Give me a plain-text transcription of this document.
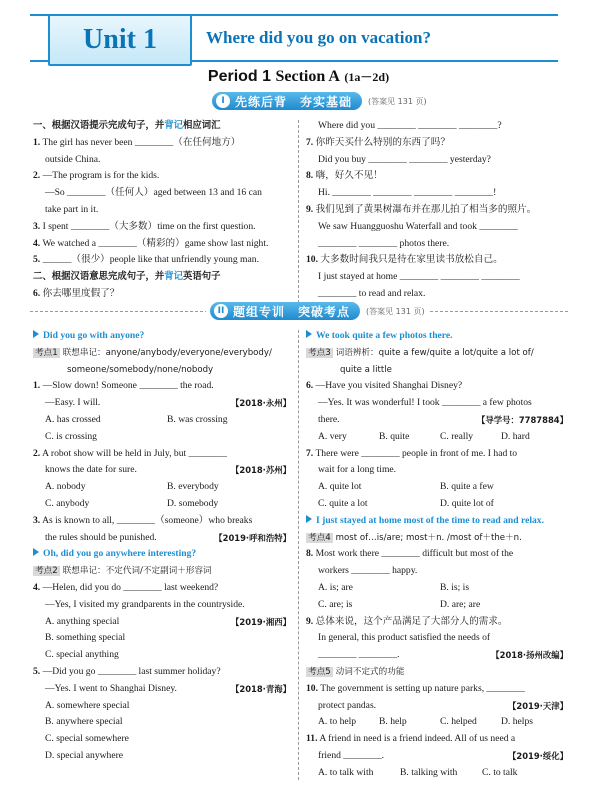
Unit 1	Where did you go on vacation?
Period 1 Section A (1a－2d)
I 先练后背　夯实基础 (答案见 131 页)
一、根据汉语提示完成句子，并背记相应词汇
1. The girl has never been ________（在任何地方）
outside China.
2. —The program is for the kids.
—So ________（任何人）aged between 13 and 16 can
take part in it.
3. I spent ________（大多数）time on the first question.
4. We watched a ________（精彩的）game show last night.
5. ______（很少）people like that unfriendly young man.
二、根据汉语意思完成句子，并背记英语句子
6. 你去哪里度假了？
Where did you ________ ________ ________?
7. 你昨天买什么特别的东西了吗？
Did you buy ________ ________ yesterday?
8. 嗨，好久不见！
Hi. ________ ________ ________ ________!
9. 我们见到了黄果树瀑布并在那儿拍了相当多的照片。
We saw Huangguoshu Waterfall and took ________
________ ________ photos there.
10. 大多数时间我只是待在家里读书放松自己。
I just stayed at home ________ ________ ________
________ to read and relax.
II 题组专训　突破考点 (答案见 131 页)
Did you go with anyone?
考点1 联想串记：anyone/anybody/everyone/everybody/
someone/somebody/none/nobody
1. —Slow down! Someone ________ the road.
—Easy. I will.	【2018·永州】
A. has crossed	B. was crossing
C. is crossing
2. A robot show will be held in July, but ________
knows the date for sure.	【2018·苏州】
A. nobody	B. everybody
C. anybody	D. somebody
3. As is known to all, ________（someone）who breaks
the rules should be punished.	【2019·呼和浩特】
Oh, did you go anywhere interesting?
考点2 联想串记：不定代词/不定副词＋形容词
4. —Helen, did you do ________ last weekend?
—Yes, I visited my grandparents in the countryside.
【2019·湘西】
A. anything special
B. something special
C. special anything
5. —Did you go ________ last summer holiday?
—Yes. I went to Shanghai Disney.	【2018·青海】
A. somewhere special
B. anywhere special
C. special somewhere
D. special anywhere
We took quite a few photos there.
考点3 词语辨析：quite a few/quite a lot/quite a lot of/
quite a little
6. —Have you visited Shanghai Disney?
—Yes. It was wonderful! I took ________ a few photos
there.	【导学号：7787884】
A. very	B. quite	C. really	D. hard
7. There were ________ people in front of me. I had to
wait for a long time.
A. quite lot	B. quite a few
C. quite a lot	D. quite lot of
I just stayed at home most of the time to read and relax.
考点4 most of…is/are; most＋n. /most of＋the＋n.
8. Most work there ________ difficult but most of the
workers ________ happy.
A. is; are	B. is; is
C. are; is	D. are; are
9. 总体来说，这个产品满足了大部分人的需求。
In general, this product satisfied the needs of
________ ________.	【2018·扬州改编】
考点5 动词不定式的功能
10. The government is setting up nature parks, ________
protect pandas.	【2019·天津】
A. to help B. help	C. helped	D. helps
11. A friend in need is a friend indeed. All of us need a
friend ________.	【2019·绥化】
A. to talk with	B. talking with	C. to talk
